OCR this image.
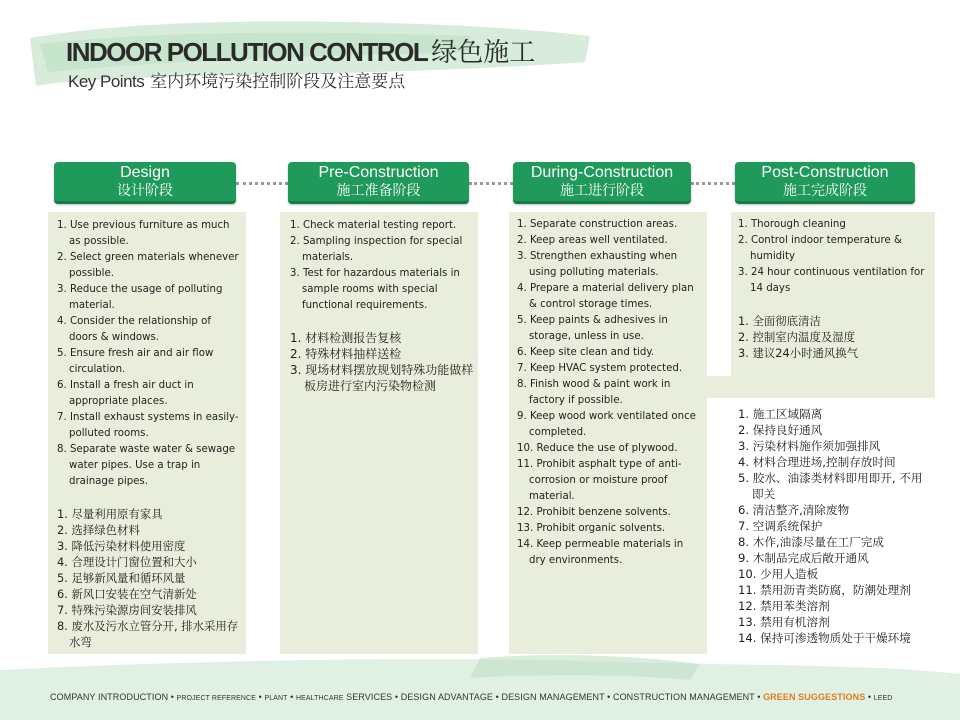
INDOOR POLLUTION CONTROL 绿色施工
Key Points 室内环境污染控制阶段及注意要点
Design
设计阶段
Pre-Construction
施工准备阶段
During-Construction
施工进行阶段
Post-Construction
施工完成阶段
1. Use previous furniture as much as possible.
2. Select green materials whenever possible.
3. Reduce the usage of polluting material.
4. Consider the relationship of doors & windows.
5. Ensure fresh air and air flow circulation.
6. Install a fresh air duct in appropriate places.
7. Install exhaust systems in easily-polluted rooms.
8. Separate waste water & sewage water pipes. Use a trap in drainage pipes.
1. 尽量利用原有家具
2. 选择绿色材料
3. 降低污染材料使用密度
4. 合理设计门窗位置和大小
5. 足够新风量和循环风量
6. 新风口安装在空气清新处
7. 特殊污染源房间安装排风
8. 废水及污水立管分开, 排水采用存水弯
1. Check material testing report.
2. Sampling inspection for special materials.
3. Test for hazardous materials in sample rooms with special functional requirements.
1. 材料检测报告复核
2. 特殊材料抽样送检
3. 现场材料摆放规划特殊功能做样板房进行室内污染物检测
1. Separate construction areas.
2. Keep areas well ventilated.
3. Strengthen exhausting when using polluting materials.
4. Prepare a material delivery plan & control storage times.
5. Keep paints & adhesives in storage, unless in use.
6. Keep site clean and tidy.
7. Keep HVAC system protected.
8. Finish wood & paint work in factory if possible.
9. Keep wood work ventilated once completed.
10. Reduce the use of plywood.
11. Prohibit asphalt type of anti-corrosion or moisture proof material.
12. Prohibit benzene solvents.
13. Prohibit organic solvents.
14. Keep permeable materials in dry environments.
1. Thorough cleaning
2. Control indoor temperature & humidity
3. 24 hour continuous ventilation for 14 days
1. 全面彻底清洁
2. 控制室内温度及湿度
3. 建议24小时通风换气
1. 施工区域隔离
2. 保持良好通风
3. 污染材料施作须加强排风
4. 材料合理进场,控制存放时间
5. 胶水、油漆类材料即用即开, 不用即关
6. 清洁整齐,清除废物
7. 空调系统保护
8. 木作,油漆尽量在工厂完成
9. 木制品完成后敞开通风
10. 少用人造板
11. 禁用沥青类防腐，防潮处理剂
12. 禁用苯类溶剂
13. 禁用有机溶剂
14. 保持可渗透物质处于干燥环境
COMPANY INTRODUCTION • PROJECT REFERENCE • PLANT • HEALTHCARE SERVICES • DESIGN ADVANTAGE • DESIGN MANAGEMENT • CONSTRUCTION MANAGEMENT • GREEN SUGGESTIONS • LEED
